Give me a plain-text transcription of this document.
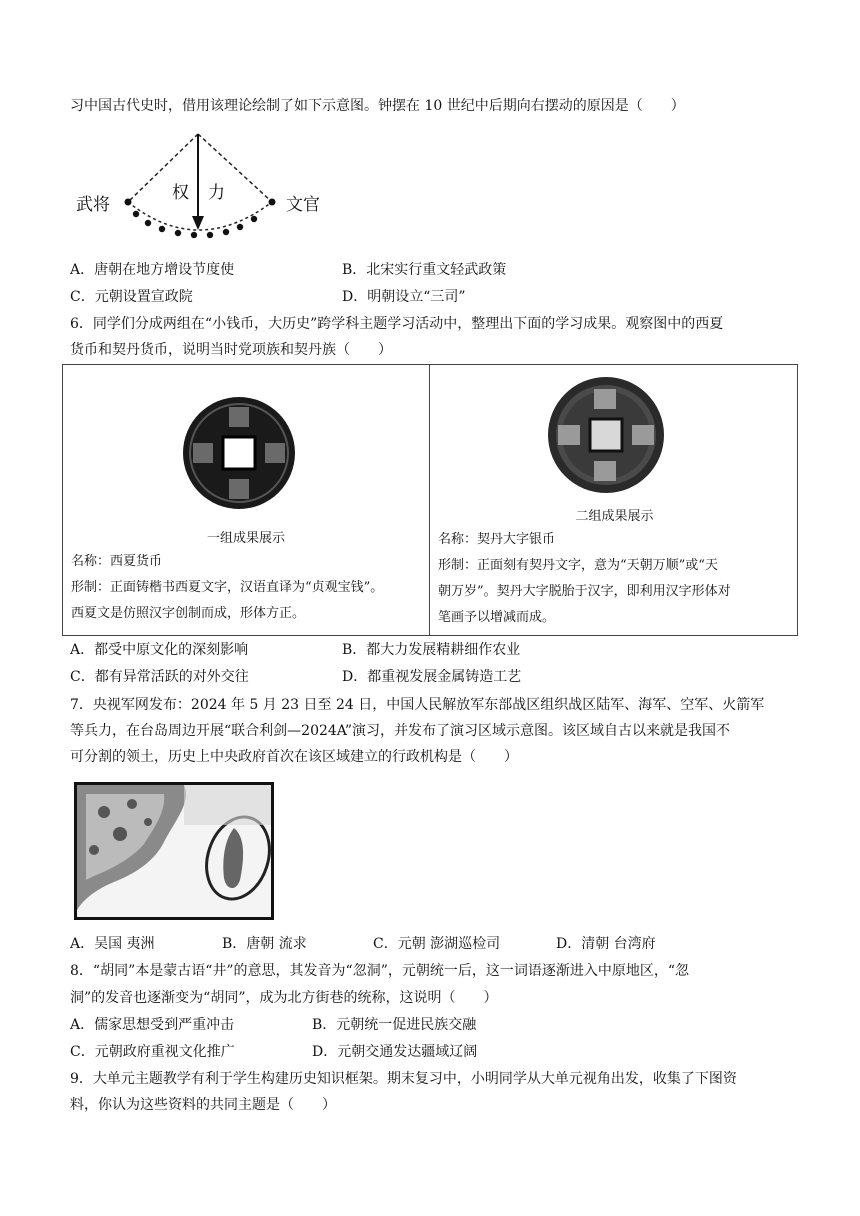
习中国古代史时，借用该理论绘制了如下示意图。钟摆在 10 世纪中后期向右摆动的原因是（　　）
武将	文官
权 力
A．唐朝在地方增设节度使	B．北宋实行重文轻武政策
C．元朝设置宣政院	D．明朝设立“三司”
6．同学们分成两组在“小钱币，大历史”跨学科主题学习活动中，整理出下面的学习成果。观察图中的西夏
货币和契丹货币，说明当时党项族和契丹族（　　）
一组成果展示
名称：西夏货币
形制：正面铸楷书西夏文字，汉语直译为“贞观宝钱”。
西夏文是仿照汉字创制而成，形体方正。
二组成果展示
名称：契丹大字银币
形制：正面刻有契丹文字，意为“天朝万顺”或“天
朝万岁”。契丹大字脱胎于汉字，即利用汉字形体对
笔画予以增减而成。
A．都受中原文化的深刻影响	B．都大力发展精耕细作农业
C．都有异常活跃的对外交往	D．都重视发展金属铸造工艺
7．央视军网发布：2024 年 5 月 23 日至 24 日，中国人民解放军东部战区组织战区陆军、海军、空军、火箭军
等兵力，在台岛周边开展“联合利剑—2024A”演习，并发布了演习区域示意图。该区域自古以来就是我国不
可分割的领土，历史上中央政府首次在该区域建立的行政机构是（　　）
A．吴国 夷洲	B．唐朝 流求	C．元朝 澎湖巡检司	D．清朝 台湾府
8．“胡同”本是蒙古语“井”的意思，其发音为“忽洞”，元朝统一后，这一词语逐渐进入中原地区，“忽
洞”的发音也逐渐变为“胡同”，成为北方街巷的统称，这说明（　　）
A．儒家思想受到严重冲击	B．元朝统一促进民族交融
C．元朝政府重视文化推广	D．元朝交通发达疆域辽阔
9．大单元主题教学有利于学生构建历史知识框架。期末复习中，小明同学从大单元视角出发，收集了下图资
料，你认为这些资料的共同主题是（　　）
